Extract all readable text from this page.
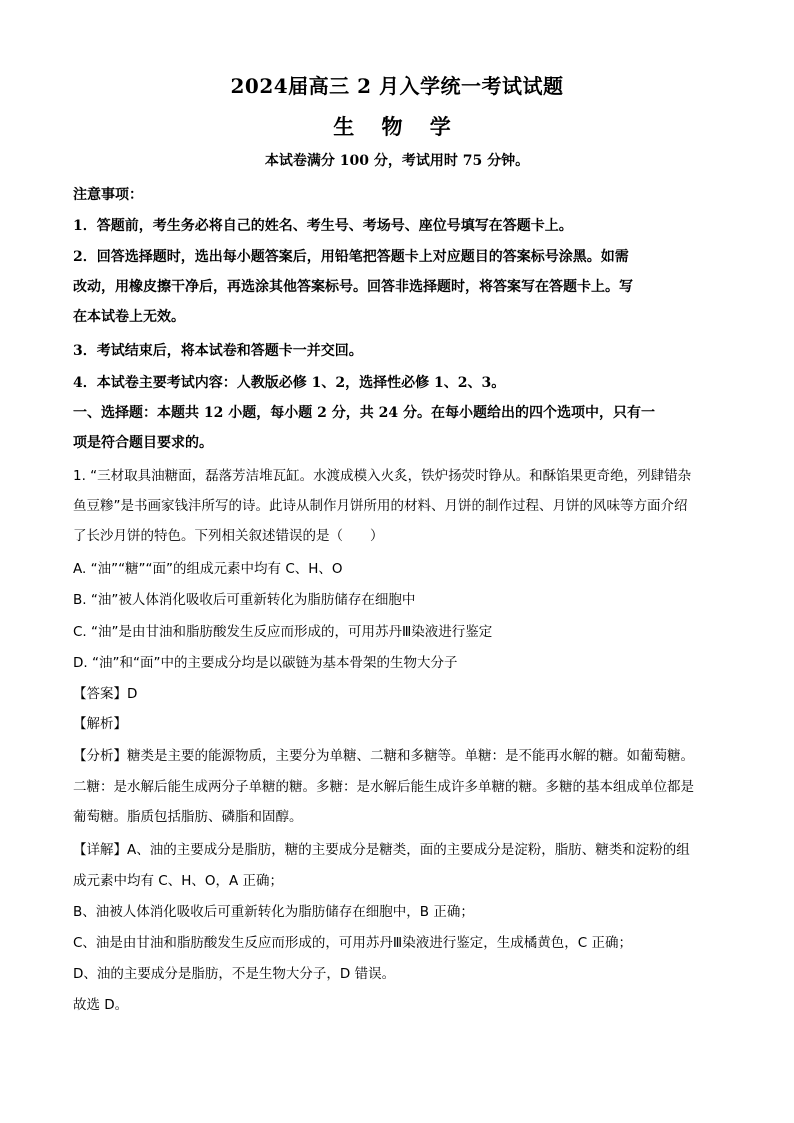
2024届高三 2 月入学统一考试试题
生 物 学
本试卷满分 100 分，考试用时 75 分钟。
注意事项：
1．答题前，考生务必将自己的姓名、考生号、考场号、座位号填写在答题卡上。
2．回答选择题时，选出每小题答案后，用铅笔把答题卡上对应题目的答案标号涂黑。如需
改动，用橡皮擦干净后，再选涂其他答案标号。回答非选择题时，将答案写在答题卡上。写
在本试卷上无效。
3．考试结束后，将本试卷和答题卡一并交回。
4．本试卷主要考试内容：人教版必修 1、2，选择性必修 1、2、3。
一、选择题：本题共 12 小题，每小题 2 分，共 24 分。在每小题给出的四个选项中，只有一
项是符合题目要求的。
1. “三材取具油糖面，磊落芳洁堆瓦缸。水渡成模入火炙，铁炉扬荧时铮从。和酥馅果更奇绝，列肆错杂
鱼豆糁”是书画家钱沣所写的诗。此诗从制作月饼所用的材料、月饼的制作过程、月饼的风味等方面介绍
了长沙月饼的特色。下列相关叙述错误的是（　　）
A. “油”“糖”“面”的组成元素中均有 C、H、O
B. “油”被人体消化吸收后可重新转化为脂肪储存在细胞中
C. “油”是由甘油和脂肪酸发生反应而形成的，可用苏丹Ⅲ染液进行鉴定
D. “油”和“面”中的主要成分均是以碳链为基本骨架的生物大分子
【答案】D
【解析】
【分析】糖类是主要的能源物质，主要分为单糖、二糖和多糖等。单糖：是不能再水解的糖。如葡萄糖。
二糖：是水解后能生成两分子单糖的糖。多糖：是水解后能生成许多单糖的糖。多糖的基本组成单位都是
葡萄糖。脂质包括脂肪、磷脂和固醇。
【详解】A、油的主要成分是脂肪，糖的主要成分是糖类，面的主要成分是淀粉，脂肪、糖类和淀粉的组
成元素中均有 C、H、O，A 正确；
B、油被人体消化吸收后可重新转化为脂肪储存在细胞中，B 正确；
C、油是由甘油和脂肪酸发生反应而形成的，可用苏丹Ⅲ染液进行鉴定，生成橘黄色，C 正确；
D、油的主要成分是脂肪，不是生物大分子，D 错误。
故选 D。
